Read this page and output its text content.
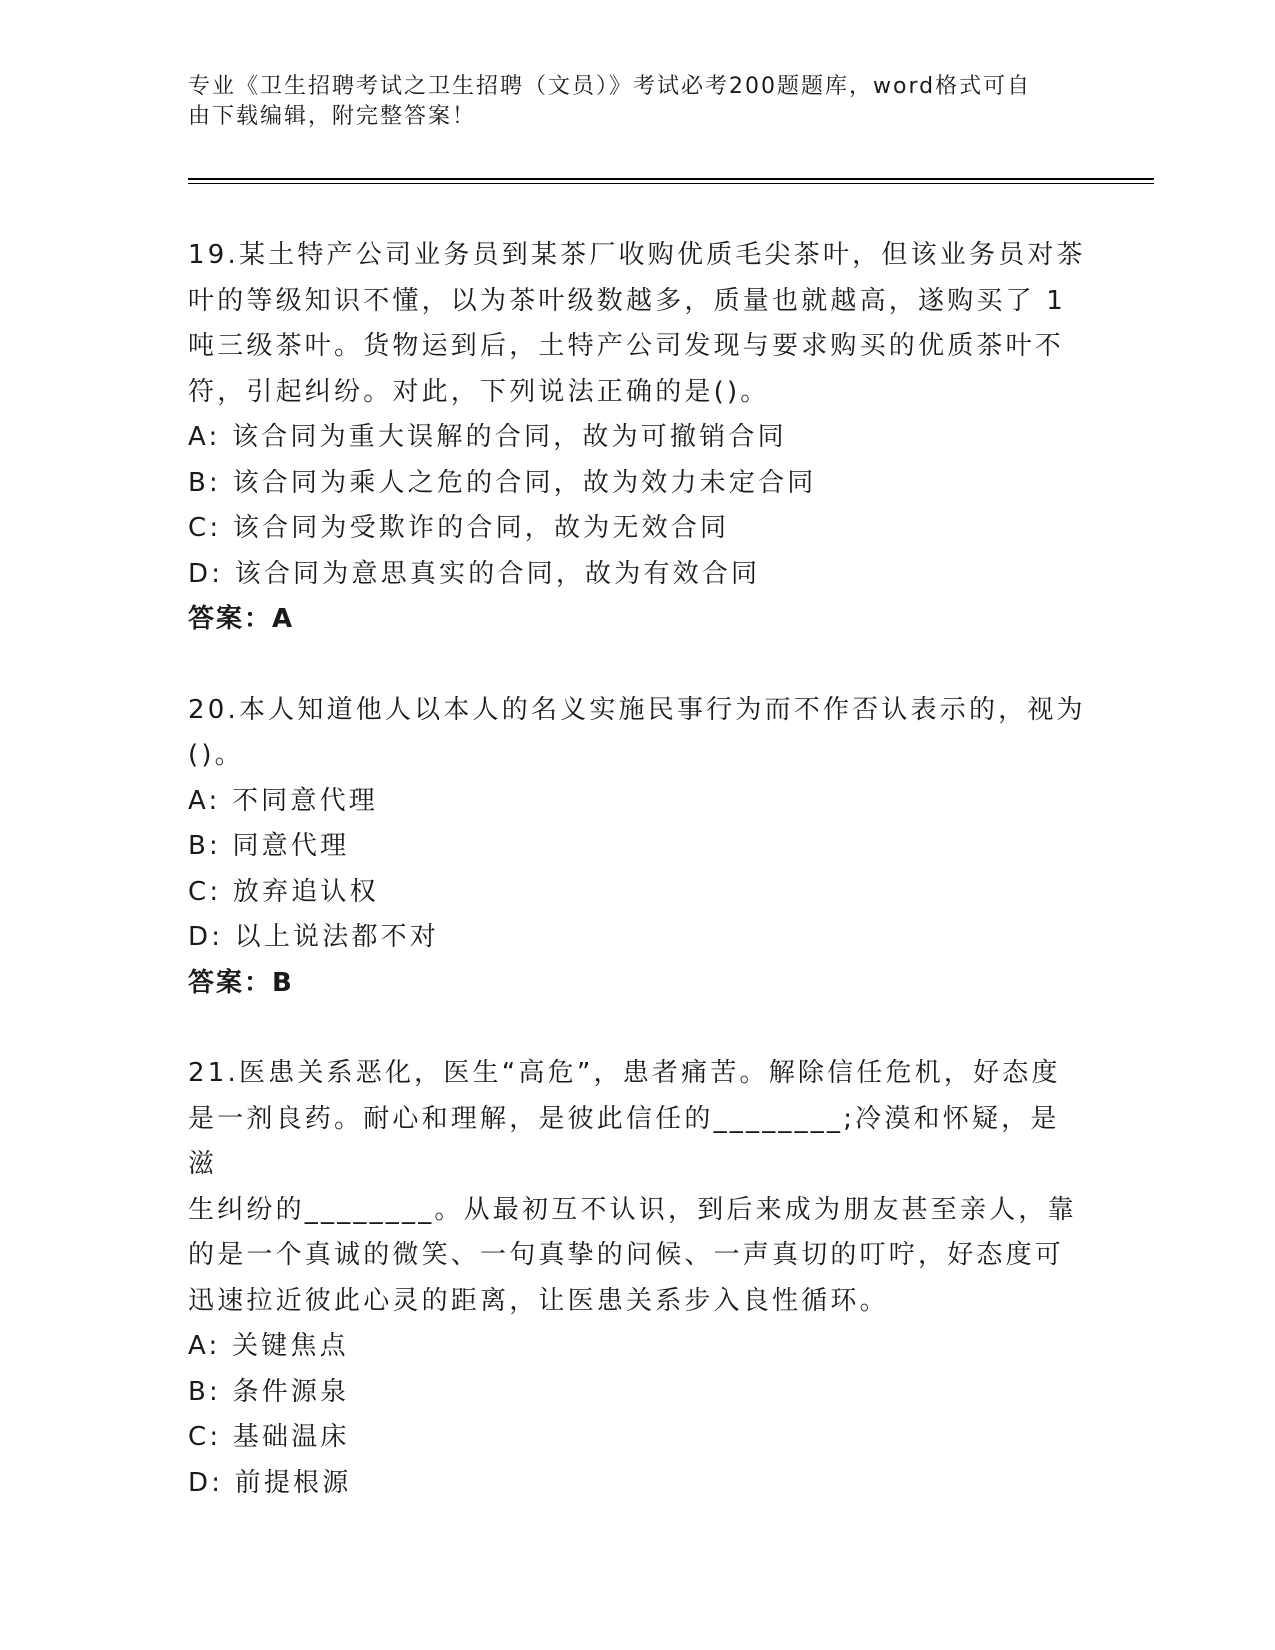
专业《卫生招聘考试之卫生招聘（文员）》考试必考200题题库，word格式可自
由下载编辑，附完整答案！

19.某土特产公司业务员到某茶厂收购优质毛尖茶叶，但该业务员对茶

叶的等级知识不懂，以为茶叶级数越多，质量也就越高，遂购买了 1

吨三级茶叶。货物运到后，土特产公司发现与要求购买的优质茶叶不

符，引起纠纷。对此，下列说法正确的是()。

A: 该合同为重大误解的合同，故为可撤销合同

B: 该合同为乘人之危的合同，故为效力未定合同

C: 该合同为受欺诈的合同，故为无效合同

D: 该合同为意思真实的合同，故为有效合同

答案：A

20.本人知道他人以本人的名义实施民事行为而不作否认表示的，视为

()。

A: 不同意代理

B: 同意代理

C: 放弃追认权

D: 以上说法都不对

答案：B

21.医患关系恶化，医生“高危”，患者痛苦。解除信任危机，好态度

是一剂良药。耐心和理解，是彼此信任的________;冷漠和怀疑，是滋

生纠纷的________。从最初互不认识，到后来成为朋友甚至亲人，靠

的是一个真诚的微笑、一句真挚的问候、一声真切的叮咛，好态度可

迅速拉近彼此心灵的距离，让医患关系步入良性循环。

A: 关键焦点

B: 条件源泉

C: 基础温床

D: 前提根源
